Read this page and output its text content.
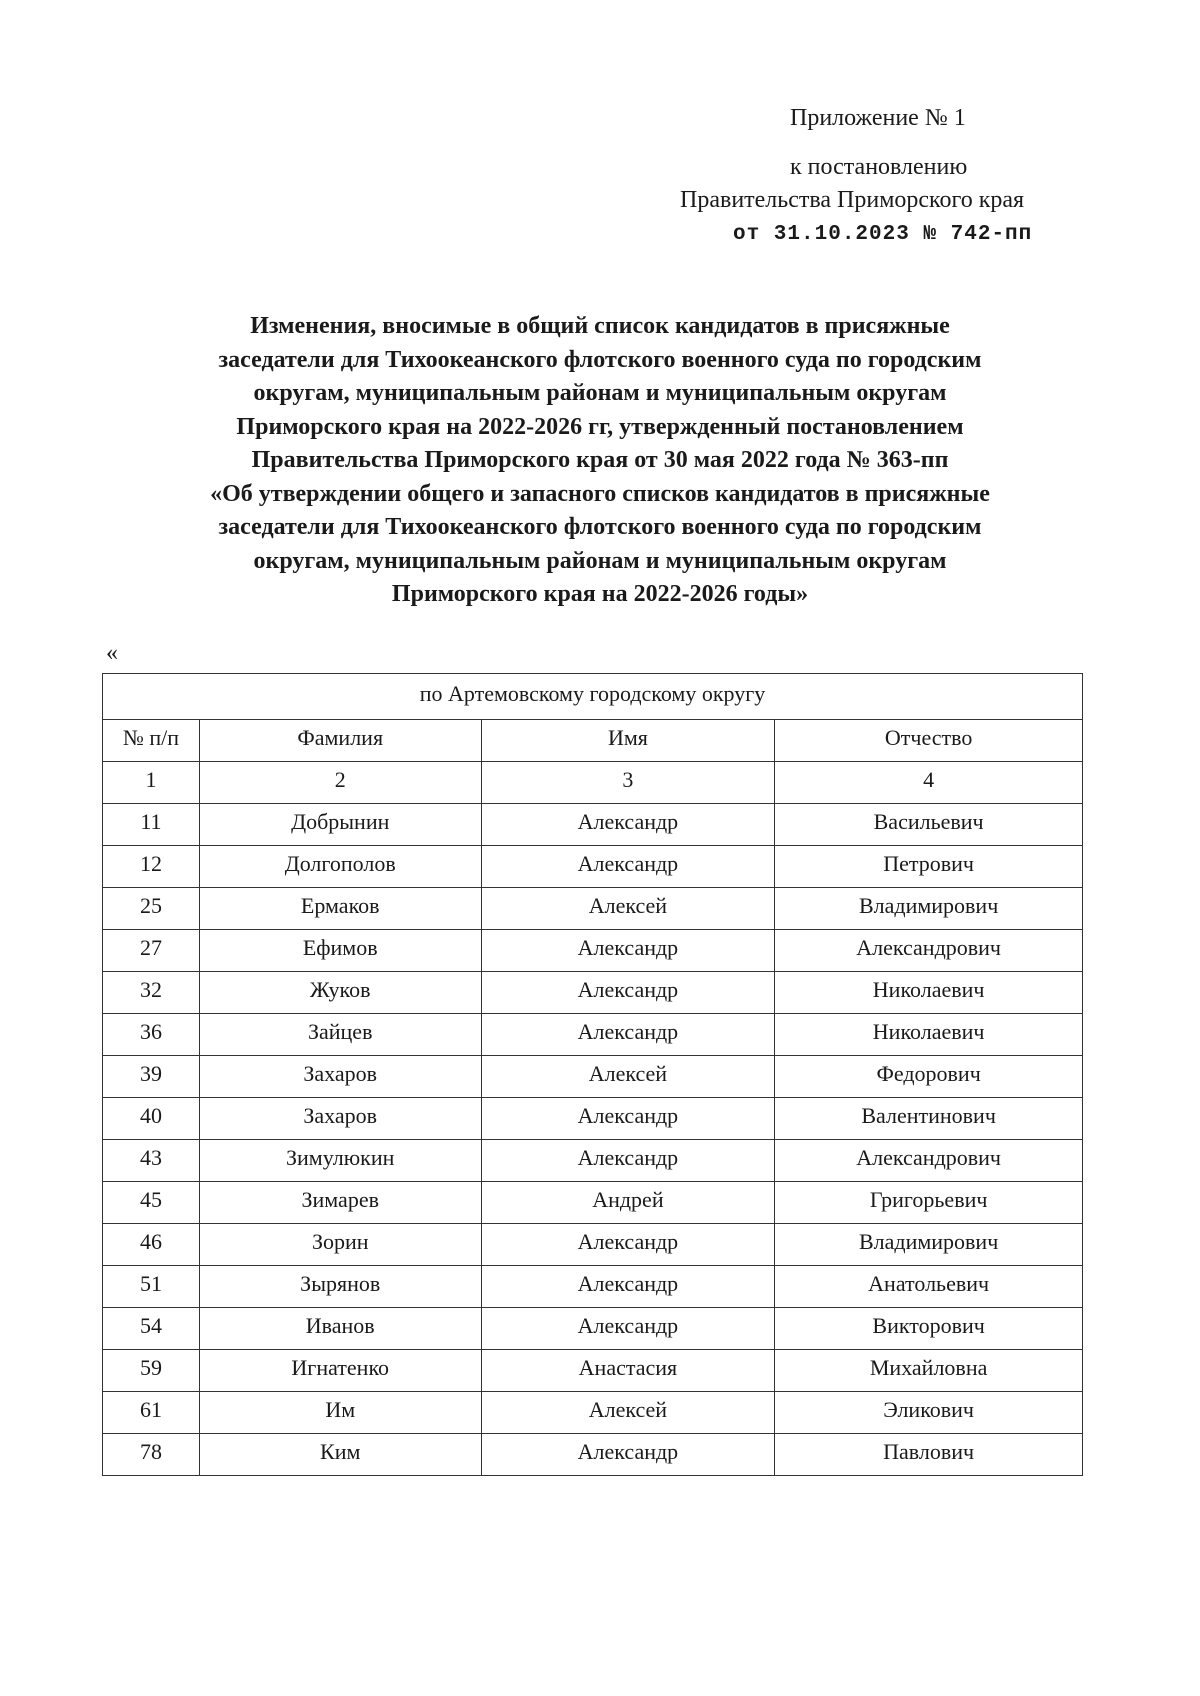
Приложение № 1
к постановлению
Правительства Приморского края
от 31.10.2023 № 742-пп
Изменения, вносимые в общий список кандидатов в присяжные
заседатели для Тихоокеанского флотского военного суда по городским
округам, муниципальным районам и муниципальным округам
Приморского края на 2022-2026 гг, утвержденный постановлением
Правительства Приморского края от 30 мая 2022 года № 363-пп
«Об утверждении общего и запасного списков кандидатов в присяжные
заседатели для Тихоокеанского флотского военного суда по городским
округам, муниципальным районам и муниципальным округам
Приморского края на 2022-2026 годы»
«
по Артемовскому городскому округу			
№ п/п	Фамилия	Имя	Отчество
1	2	3	4
11	Добрынин	Александр	Васильевич
12	Долгополов	Александр	Петрович
25	Ермаков	Алексей	Владимирович
27	Ефимов	Александр	Александрович
32	Жуков	Александр	Николаевич
36	Зайцев	Александр	Николаевич
39	Захаров	Алексей	Федорович
40	Захаров	Александр	Валентинович
43	Зимулюкин	Александр	Александрович
45	Зимарев	Андрей	Григорьевич
46	Зорин	Александр	Владимирович
51	Зырянов	Александр	Анатольевич
54	Иванов	Александр	Викторович
59	Игнатенко	Анастасия	Михайловна
61	Им	Алексей	Эликович
78	Ким	Александр	Павлович
